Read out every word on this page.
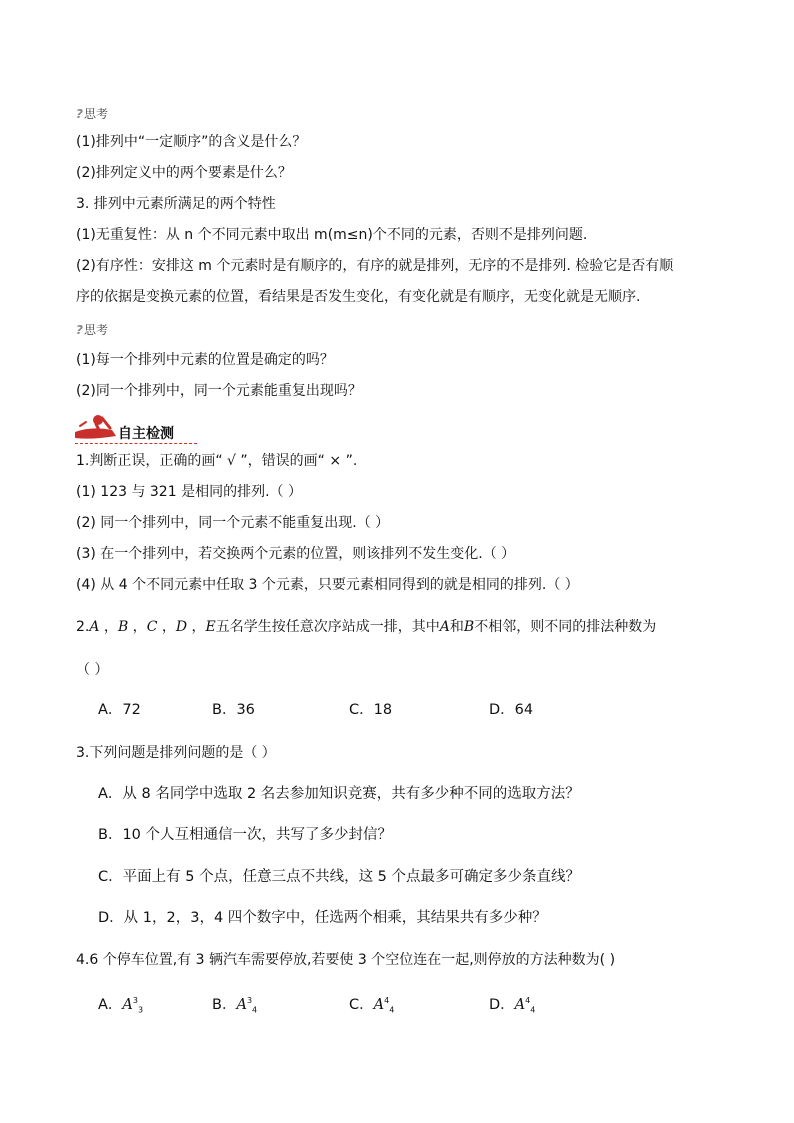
?思考
(1)排列中“一定顺序”的含义是什么？
(2)排列定义中的两个要素是什么？
3. 排列中元素所满足的两个特性
(1)无重复性：从 n 个不同元素中取出 m(m≤n)个不同的元素，否则不是排列问题.
(2)有序性：安排这 m 个元素时是有顺序的，有序的就是排列，无序的不是排列. 检验它是否有顺
序的依据是变换元素的位置，看结果是否发生变化，有变化就是有顺序，无变化就是无顺序.
?思考
(1)每一个排列中元素的位置是确定的吗？
(2)同一个排列中，同一个元素能重复出现吗？
自主检测
1.判断正误，正确的画“ √ ”，错误的画“ × ”.
(1) 123 与 321 是相同的排列.（ ）
(2) 同一个排列中，同一个元素不能重复出现.（ ）
(3) 在一个排列中，若交换两个元素的位置，则该排列不发生变化.（ ）
(4) 从 4 个不同元素中任取 3 个元素，只要元素相同得到的就是相同的排列.（ ）
2.A ，B ，C ，D ，E五名学生按任意次序站成一排，其中A和B不相邻，则不同的排法种数为
（ ）
A．72	B．36	C．18	D．64
3.下列问题是排列问题的是（ ）
A．从 8 名同学中选取 2 名去参加知识竞赛，共有多少种不同的选取方法？
B．10 个人互相通信一次，共写了多少封信？
C．平面上有 5 个点，任意三点不共线，这 5 个点最多可确定多少条直线？
D．从 1，2，3，4 四个数字中，任选两个相乘，其结果共有多少种？
4.6 个停车位置,有 3 辆汽车需要停放,若要使 3 个空位连在一起,则停放的方法种数为( )
A．$A^3_3$	B．$A^3_4$	C．$A^4_4$	D．$A^4_4$
